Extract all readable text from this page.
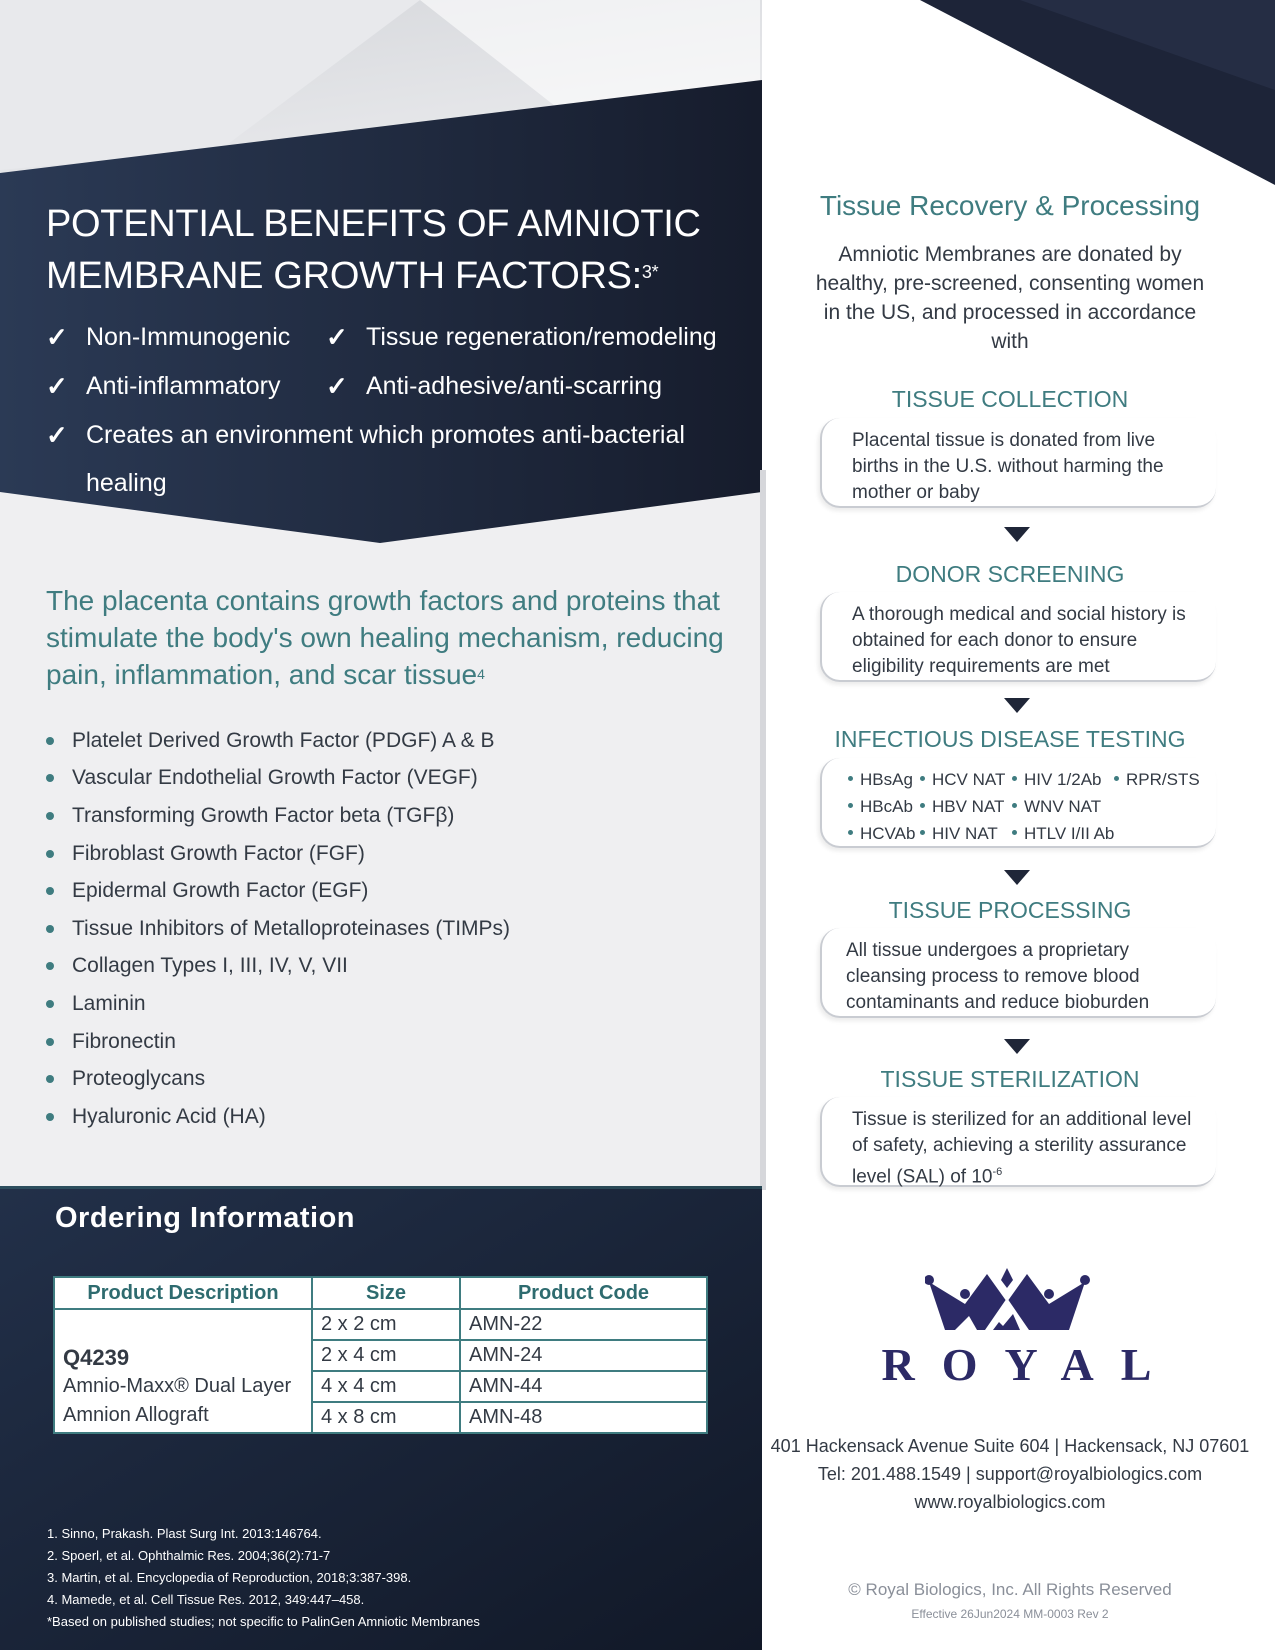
POTENTIAL BENEFITS OF AMNIOTIC
MEMBRANE GROWTH FACTORS:$^{3*}$
✓ Non-Immunogenic ✓ Tissue regeneration/remodeling
✓ Anti-inflammatory ✓ Anti-adhesive/anti-scarring
✓ Creates an environment which promotes anti-bacterial
healing
The placenta contains growth factors and proteins that stimulate the body's own healing mechanism, reducing pain, inflammation, and scar tissue$^4$
Platelet Derived Growth Factor (PDGF) A & B
Vascular Endothelial Growth Factor (VEGF)
Transforming Growth Factor beta (TGFβ)
Fibroblast Growth Factor (FGF)
Epidermal Growth Factor (EGF)
Tissue Inhibitors of Metalloproteinases (TIMPs)
Collagen Types I, III, IV, V, VII
Laminin
Fibronectin
Proteoglycans
Hyaluronic Acid (HA)
Ordering Information
Product Description	Size	Product Code

Q4239
Amnio-Maxx® Dual Layer
Amnion Allograft	2 x 2 cm	AMN-22
	2 x 4 cm	AMN-24
	4 x 4 cm	AMN-44
	4 x 8 cm	AMN-48
1. Sinno, Prakash. Plast Surg Int. 2013:146764.
2. Spoerl, et al. Ophthalmic Res. 2004;36(2):71-7
3. Martin, et al. Encyclopedia of Reproduction, 2018;3:387-398.
4. Mamede, et al. Cell Tissue Res. 2012, 349:447–458.
*Based on published studies; not specific to PalinGen Amniotic Membranes
Tissue Recovery & Processing
Amniotic Membranes are donated by healthy, pre-screened, consenting women in the US, and processed in accordance with
TISSUE COLLECTION
Placental tissue is donated from live births in the U.S. without harming the mother or baby
DONOR SCREENING
A thorough medical and social history is obtained for each donor to ensure eligibility requirements are met
INFECTIOUS DISEASE TESTING
HBsAg	HCV NAT	HIV 1/2Ab	RPR/STS
HBcAb	HBV NAT	WNV NAT
HCVAb HIV NAT	HTLV I/II Ab
TISSUE PROCESSING
All tissue undergoes a proprietary cleansing process to remove blood contaminants and reduce bioburden
TISSUE STERILIZATION
Tissue is sterilized for an additional level of safety, achieving a sterility assurance level (SAL) of $10^{-6}$
ROYAL
401 Hackensack Avenue Suite 604 | Hackensack, NJ 07601
Tel: 201.488.1549 | support@royalbiologics.com
www.royalbiologics.com
© Royal Biologics, Inc. All Rights Reserved
Effective 26Jun2024 MM-0003 Rev 2
